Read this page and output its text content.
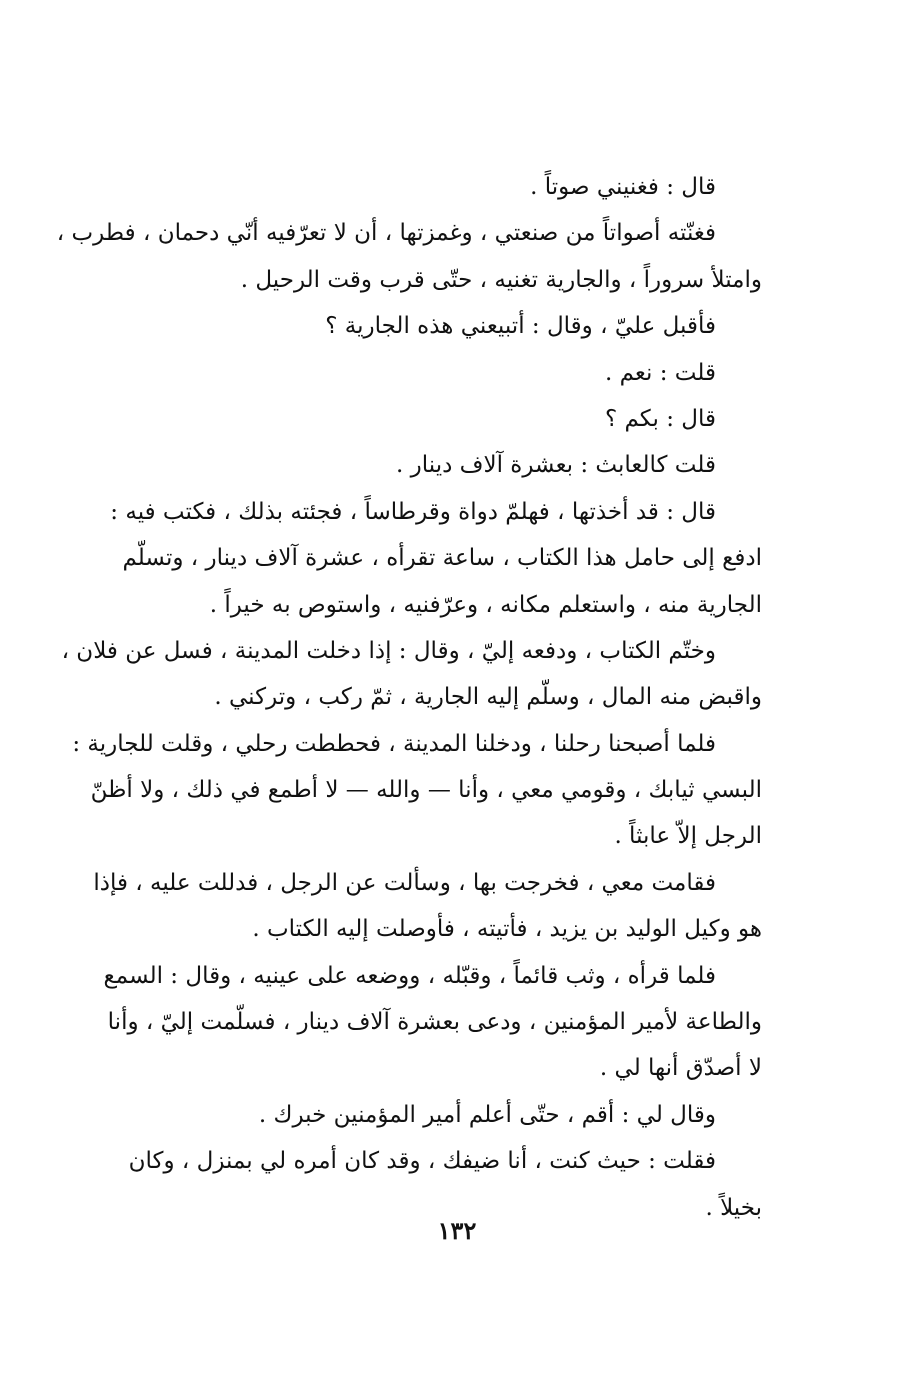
قال : فغنيني صوتاً .
فغنّته أصواتاً من صنعتي ، وغمزتها ، أن لا تعرّفيه أنّي دحمان ، فطرب ،
وامتلأ سروراً ، والجارية تغنيه ، حتّى قرب وقت الرحيل .
فأقبل عليّ ، وقال : أتبيعني هذه الجارية ؟
قلت : نعم .
قال : بكم ؟
قلت كالعابث : بعشرة آلاف دينار .
قال : قد أخذتها ، فهلمّ دواة وقرطاساً ، فجئته بذلك ، فكتب فيه :
ادفع إلى حامل هذا الكتاب ، ساعة تقرأه ، عشرة آلاف دينار ، وتسلّم
الجارية منه ، واستعلم مكانه ، وعرّفنيه ، واستوص به خيراً .
وختّم الكتاب ، ودفعه إليّ ، وقال : إذا دخلت المدينة ، فسل عن فلان ،
واقبض منه المال ، وسلّم إليه الجارية ، ثمّ ركب ، وتركني .
فلما أصبحنا رحلنا ، ودخلنا المدينة ، فحططت رحلي ، وقلت للجارية :
البسي ثيابك ، وقومي معي ، وأنا — والله — لا أطمع في ذلك ، ولا أظنّ
الرجل إلاّ عابثاً .
فقامت معي ، فخرجت بها ، وسألت عن الرجل ، فدللت عليه ، فإذا
هو وكيل الوليد بن يزيد ، فأتيته ، فأوصلت إليه الكتاب .
فلما قرأه ، وثب قائماً ، وقبّله ، ووضعه على عينيه ، وقال : السمع
والطاعة لأمير المؤمنين ، ودعى بعشرة آلاف دينار ، فسلّمت إليّ ، وأنا
لا أصدّق أنها لي .
وقال لي : أقم ، حتّى أعلم أمير المؤمنين خبرك .
فقلت : حيث كنت ، أنا ضيفك ، وقد كان أمره لي بمنزل ، وكان
بخيلاً .
١٣٢
